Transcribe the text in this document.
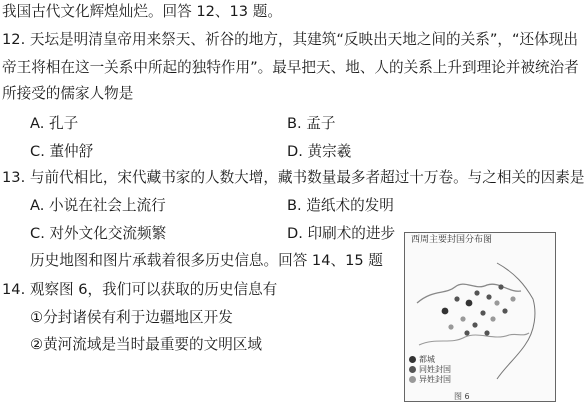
我国古代文化辉煌灿烂。回答 12、13 题。
12. 天坛是明清皇帝用来祭天、祈谷的地方，其建筑“反映出天地之间的关系”，“还体现出
帝王将相在这一关系中所起的独特作用”。最早把天、地、人的关系上升到理论并被统治者
所接受的儒家人物是
A. 孔子	B. 孟子
C. 董仲舒	D. 黄宗羲
13. 与前代相比，宋代藏书家的人数大增，藏书数量最多者超过十万卷。与之相关的因素是
A. 小说在社会上流行	B. 造纸术的发明
C. 对外文化交流频繁	D. 印刷术的进步
历史地图和图片承载着很多历史信息。回答 14、15 题
14. 观察图 6，我们可以获取的历史信息有
①分封诸侯有利于边疆地区开发
②黄河流域是当时最重要的文明区域
西周主要封国分布图
都城
同姓封国
异姓封国
图 6
